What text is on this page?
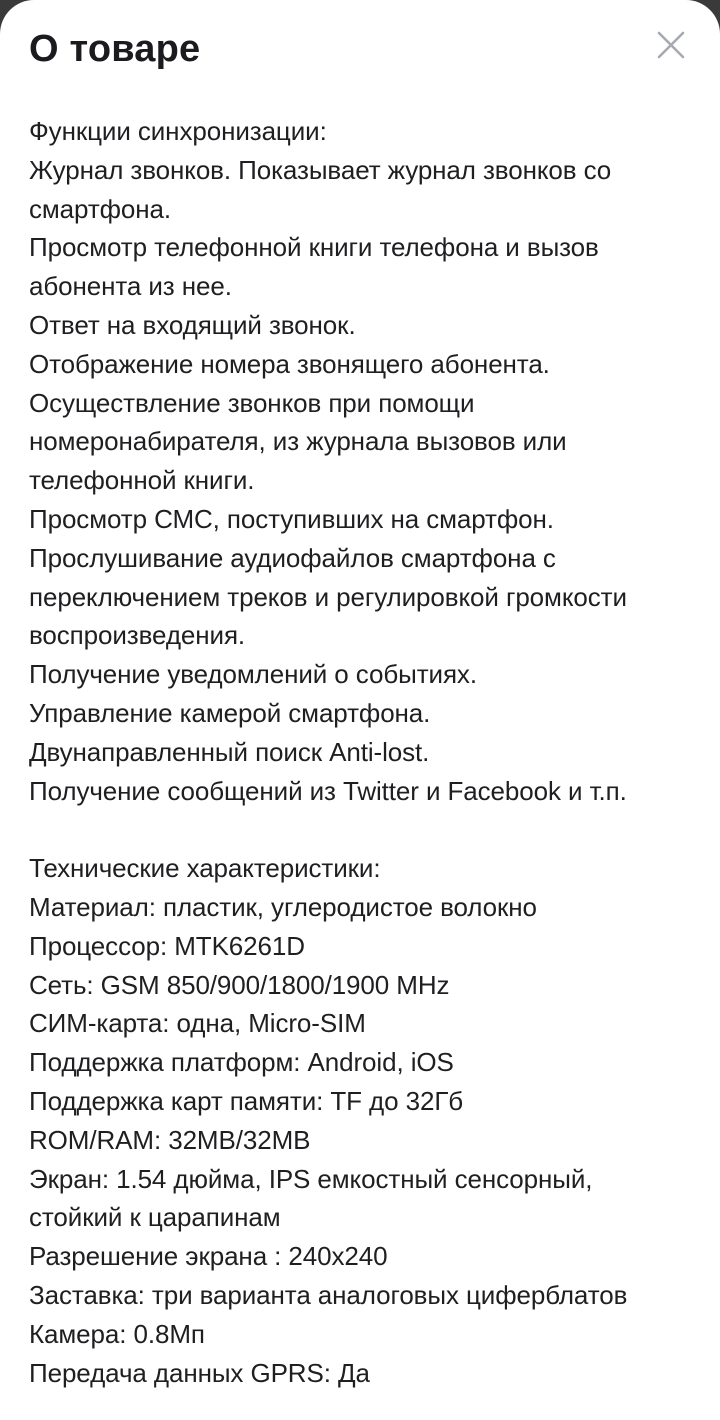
О товаре
Функции синхронизации:
Журнал звонков. Показывает журнал звонков со
смартфона.
Просмотр телефонной книги телефона и вызов
абонента из нее.
Ответ на входящий звонок.
Отображение номера звонящего абонента.
Осуществление звонков при помощи
номеронабирателя, из журнала вызовов или
телефонной книги.
Просмотр СМС, поступивших на смартфон.
Прослушивание аудиофайлов смартфона с
переключением треков и регулировкой громкости
воспроизведения.
Получение уведомлений о событиях.
Управление камерой смартфона.
Двунаправленный поиск Anti-lost.
Получение сообщений из Twitter и Facebook и т.п.
Технические характеристики:
Материал: пластик, углеродистое волокно
Процессор: MTK6261D
Сеть: GSM 850/900/1800/1900 MHz
СИМ-карта: одна, Micro-SIM
Поддержка платформ: Android, iOS
Поддержка карт памяти: TF до 32Гб
ROM/RAM: 32MB/32MB
Экран: 1.54 дюйма, IPS емкостный сенсорный,
стойкий к царапинам
Разрешение экрана : 240x240
Заставка: три варианта аналоговых циферблатов
Камера: 0.8Мп
Передача данных GPRS: Да
